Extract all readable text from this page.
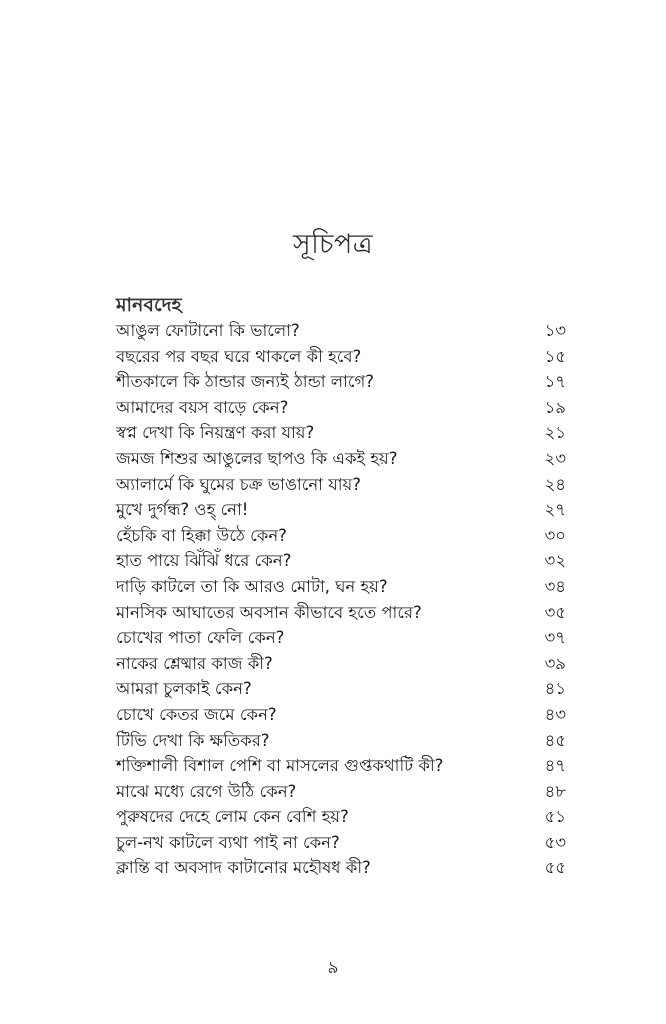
সূচিপত্র
মানবদেহ
আঙুল ফোটানো কি ভালো?	১৩
বছরের পর বছর ঘরে থাকলে কী হবে?	১৫
শীতকালে কি ঠান্ডার জন্যই ঠান্ডা লাগে?	১৭
আমাদের বয়স বাড়ে কেন?	১৯
স্বপ্ন দেখা কি নিয়ন্ত্রণ করা যায়?	২১
জমজ শিশুর আঙুলের ছাপও কি একই হয়?	২৩
অ্যালার্মে কি ঘুমের চক্র ভাঙানো যায়?	২৪
মুখে দুর্গন্ধ? ওহ্ নো!	২৭
হেঁচকি বা হিক্কা উঠে কেন?	৩০
হাত পায়ে ঝিঁঝিঁ ধরে কেন?	৩২
দাড়ি কাটলে তা কি আরও মোটা, ঘন হয়?	৩৪
মানসিক আঘাতের অবসান কীভাবে হতে পারে?	৩৫
চোখের পাতা ফেলি কেন?	৩৭
নাকের শ্লেষ্মার কাজ কী?	৩৯
আমরা চুলকাই কেন?	৪১
চোখে কেতর জমে কেন?	৪৩
টিভি দেখা কি ক্ষতিকর?	৪৫
শক্তিশালী বিশাল পেশি বা মাসলের গুপ্তকথাটি কী?	৪৭
মাঝে মধ্যে রেগে উঠি কেন?	৪৮
পুরুষদের দেহে লোম কেন বেশি হয়?	৫১
চুল-নখ কাটলে ব্যথা পাই না কেন?	৫৩
ক্লান্তি বা অবসাদ কাটানোর মহৌষধ কী?	৫৫

৯
